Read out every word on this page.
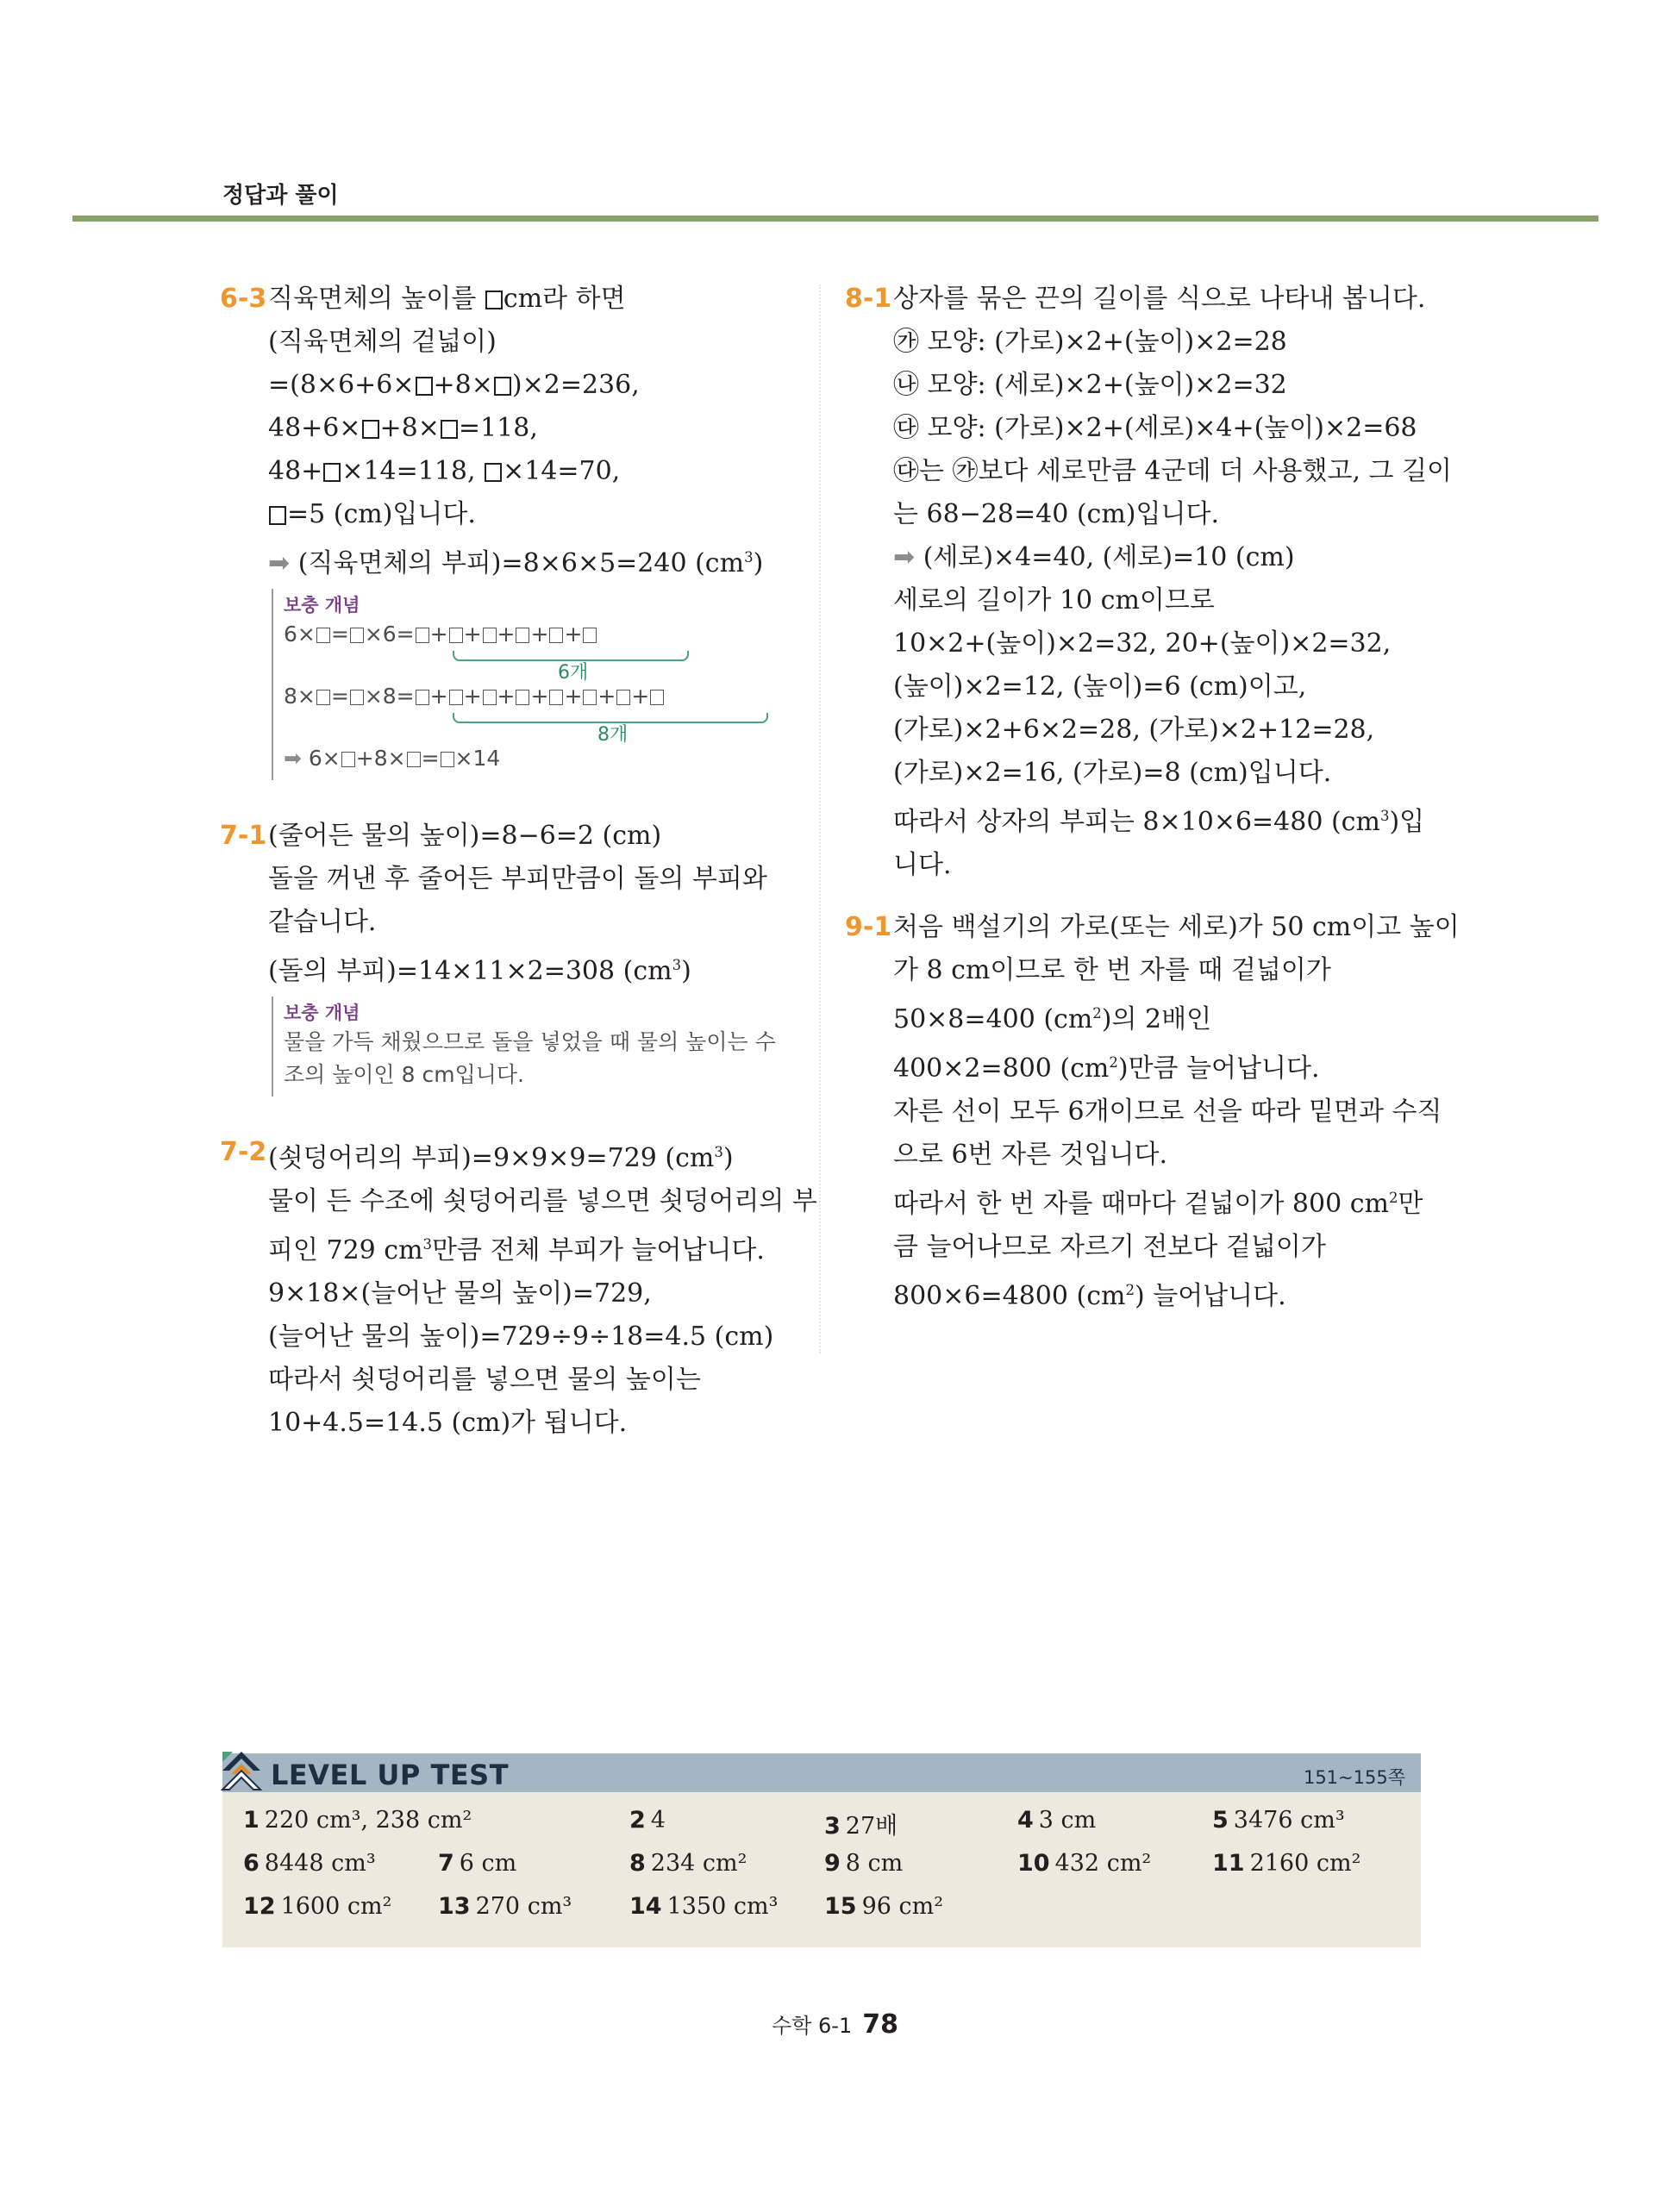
정답과 풀이
6-3 직육면체의 높이를 cm라 하면
(직육면체의 겉넓이)
=(8×6+6× +8× )×2=236,
48+6× +8× =118,
48+ ×14=118, ×14=70,
=5 (cm)입니다.
➡ (직육면체의 부피)=8×6×5=240 $(cm^3)$
보충 개념
6× = ×6= + + + + +
6개
8× = ×8= + + + + + + +
8개
➡ 6× +8× = ×14
7-1 (줄어든 물의 높이)=8−6=2 (cm)
돌을 꺼낸 후 줄어든 부피만큼이 돌의 부피와 같습니다.
(돌의 부피)=14×11×2=308 $(cm^3)$
보충 개념
물을 가득 채웠으므로 돌을 넣었을 때 물의 높이는 수조의 높이인 8 cm입니다.
7-2 (쇳덩어리의 부피)=9×9×9=729 $(cm^3)$
물이 든 수조에 쇳덩어리를 넣으면 쇳덩어리의 부
피인 729 $cm^3$만큼 전체 부피가 늘어납니다.
9×18×(늘어난 물의 높이)=729,
(늘어난 물의 높이)=729÷9÷18=4.5 (cm)
따라서 쇳덩어리를 넣으면 물의 높이는
10+4.5=14.5 (cm)가 됩니다.
8-1 상자를 묶은 끈의 길이를 식으로 나타내 봅니다.
㉮ 모양: (가로)×2+(높이)×2=28
㉯ 모양: (세로)×2+(높이)×2=32
㉰ 모양: (가로)×2+(세로)×4+(높이)×2=68
㉰는 ㉮보다 세로만큼 4군데 더 사용했고, 그 길이
는 68−28=40 (cm)입니다.
➡ (세로)×4=40, (세로)=10 (cm)
세로의 길이가 10 cm이므로
10×2+(높이)×2=32, 20+(높이)×2=32,
(높이)×2=12, (높이)=6 (cm)이고,
(가로)×2+6×2=28, (가로)×2+12=28,
(가로)×2=16, (가로)=8 (cm)입니다.
따라서 상자의 부피는 8×10×6=480 $(cm^3)$입
니다.
9-1 처음 백설기의 가로(또는 세로)가 50 cm이고 높이
가 8 cm이므로 한 번 자를 때 겉넓이가
50×8=400 $(cm^2)$의 2배인
400×2=800 $(cm^2)$만큼 늘어납니다.
자른 선이 모두 6개이므로 선을 따라 밑면과 수직
으로 6번 자른 것입니다.
따라서 한 번 자를 때마다 겉넓이가 800 $cm^2$만
큼 늘어나므로 자르기 전보다 겉넓이가
800×6=4800 $(cm^2)$ 늘어납니다.
LEVEL UP TEST	151~155쪽
1 220 cm³, 238 cm²	2 4	3 27배	4 3 cm	5 3476 cm³
6 8448 cm³	7 6 cm	8 234 cm²	9 8 cm	10 432 cm²	11 2160 cm²
12 1600 cm² 13 270 cm³ 14 1350 cm³ 15 96 cm²
수학 6-1 78
